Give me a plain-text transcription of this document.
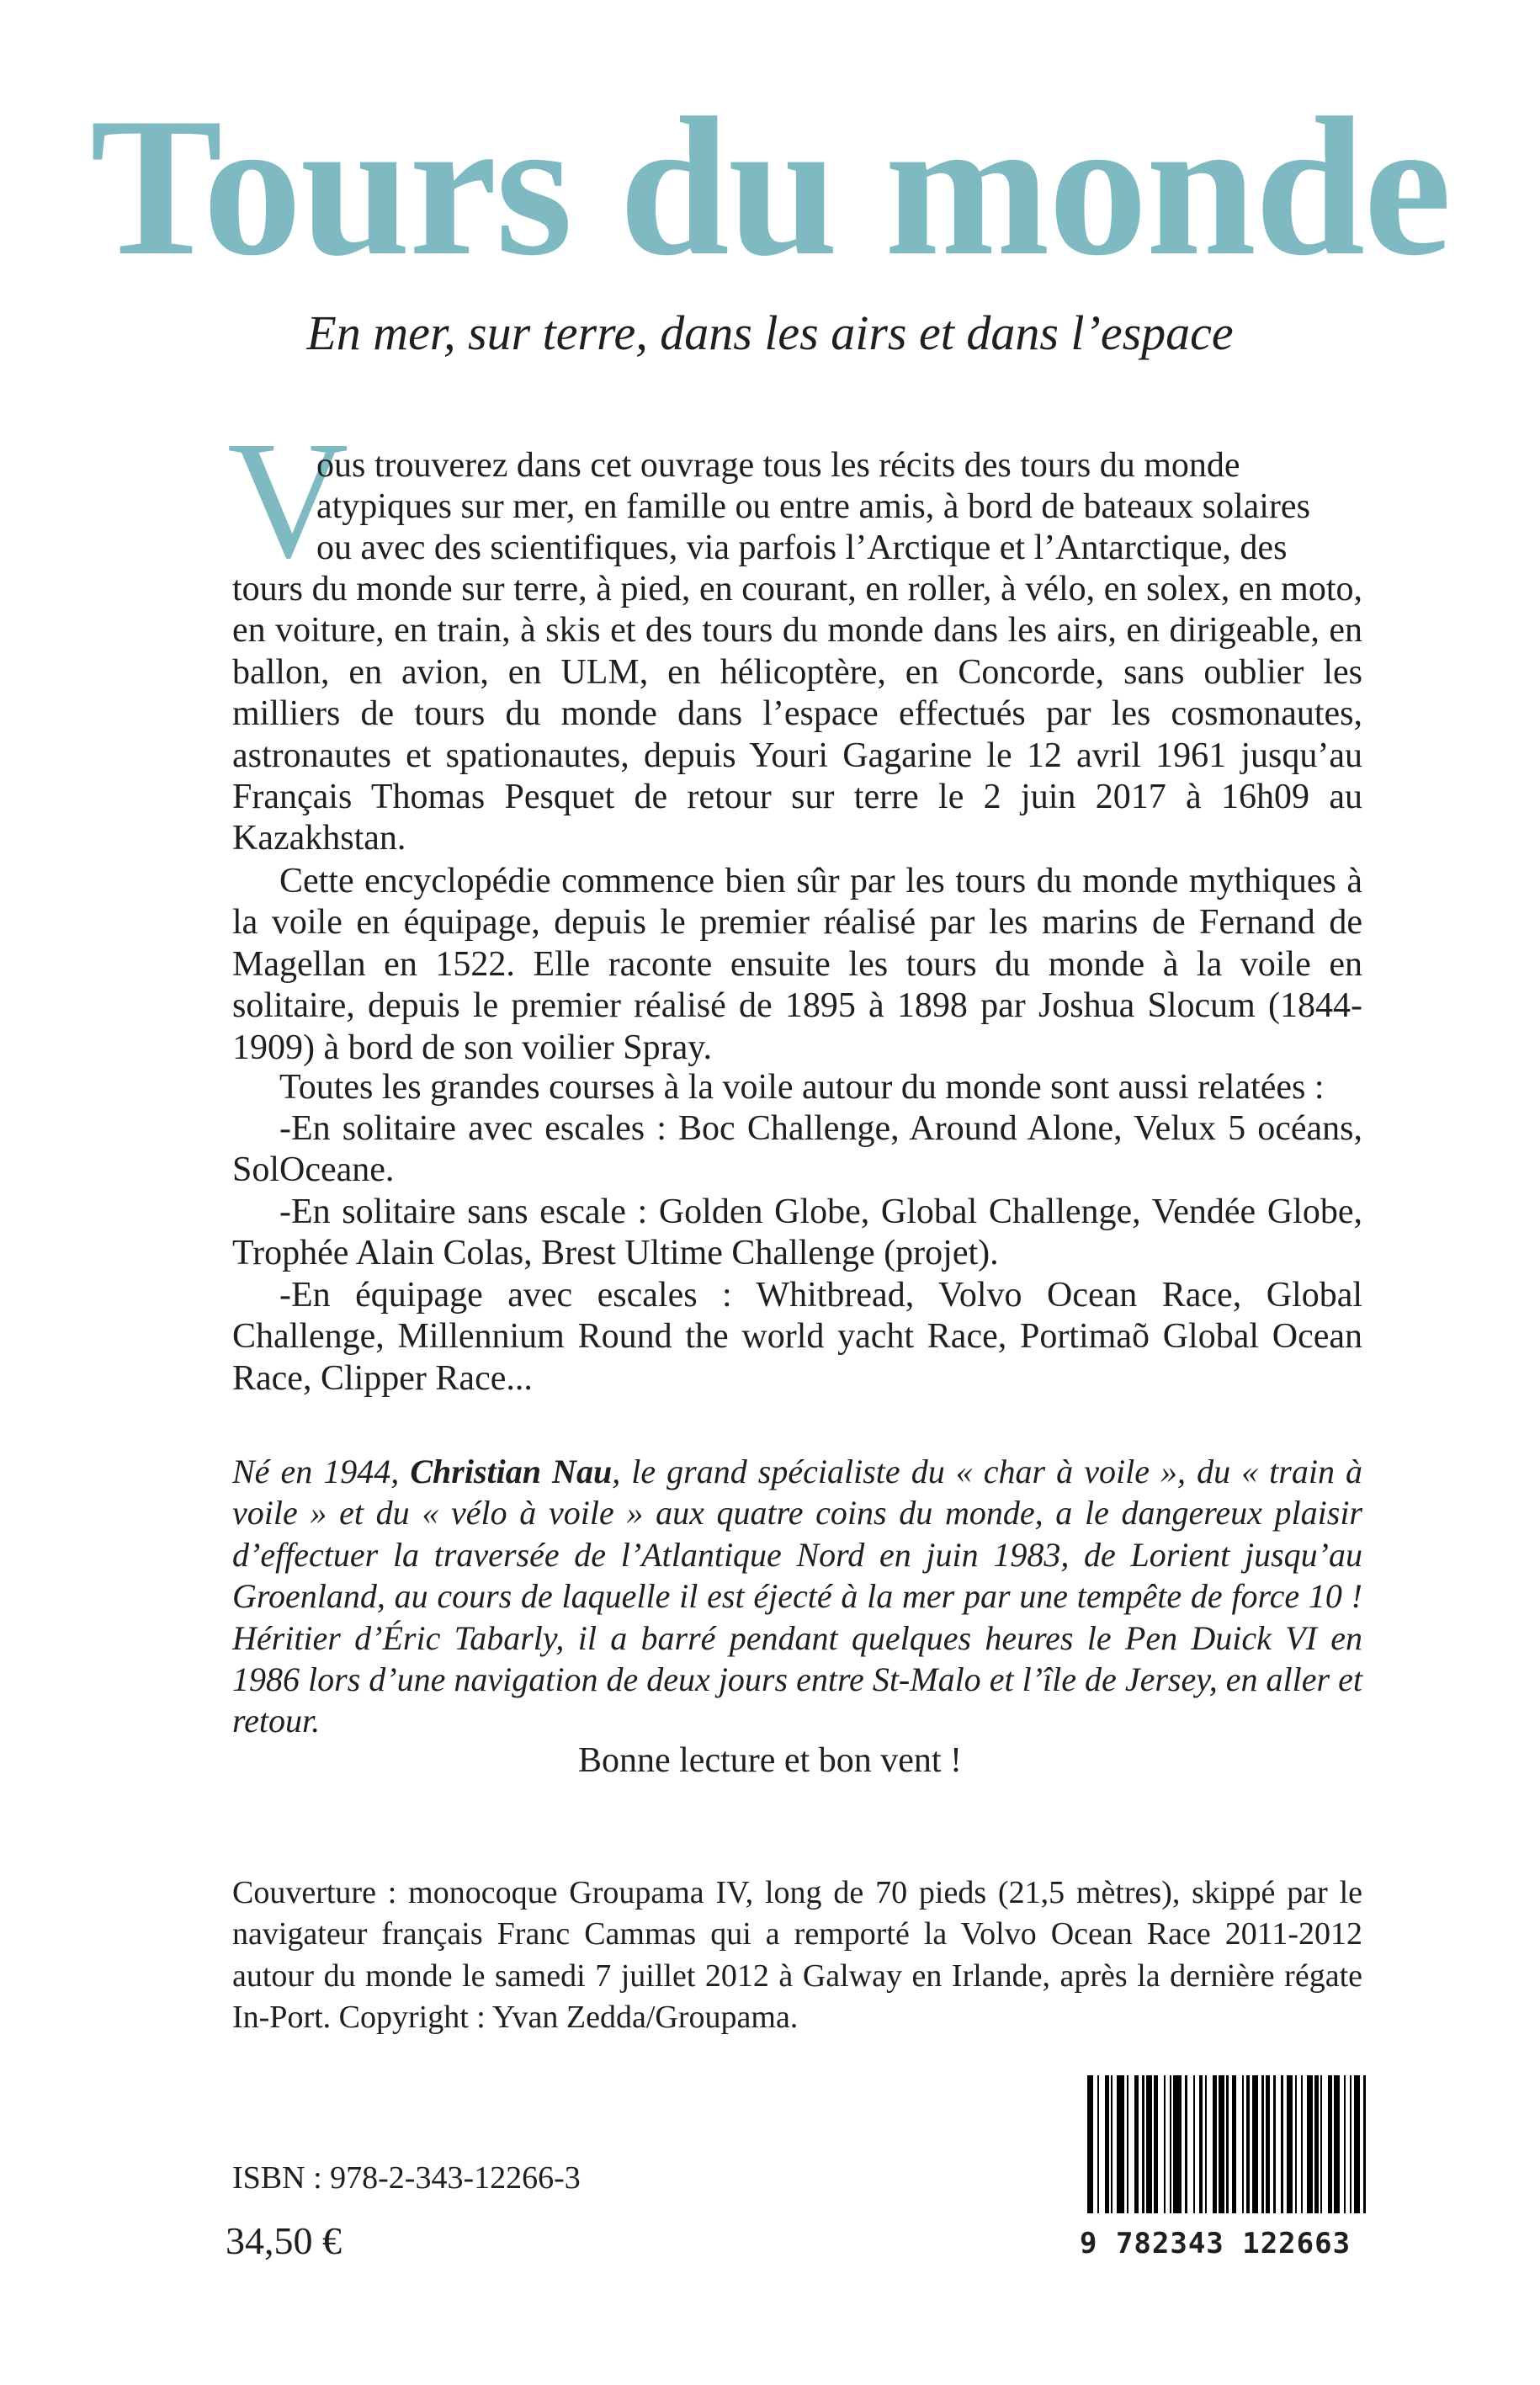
Tours du monde
En mer, sur terre, dans les airs et dans l’espace
V

ous trouverez dans cet ouvrage tous les récits des tours du monde

atypiques sur mer, en famille ou entre amis, à bord de bateaux solaires

ou avec des scientifiques, via parfois l’Arctique et l’Antarctique, des

tours du monde sur terre, à pied, en courant, en roller, à vélo, en solex, en moto, en voiture, en train, à skis et des tours du monde dans les airs, en dirigeable, en ballon, en avion, en ULM, en hélicoptère, en Concorde, sans oublier les milliers de tours du monde dans l’espace effectués par les cosmonautes, astronautes et spationautes, depuis Youri Gagarine le 12 avril 1961 jusqu’au Français Thomas Pesquet de retour sur terre le 2 juin 2017 à 16h09 au Kazakhstan.

Cette encyclopédie commence bien sûr par les tours du monde mythiques à la voile en équipage, depuis le premier réalisé par les marins de Fernand de Magellan en 1522. Elle raconte ensuite les tours du monde à la voile en solitaire, depuis le premier réalisé de 1895 à 1898 par Joshua Slocum (1844-1909) à bord de son voilier Spray.

Toutes les grandes courses à la voile autour du monde sont aussi relatées :

-En solitaire avec escales : Boc Challenge, Around Alone, Velux 5 océans, SolOceane.

-En solitaire sans escale : Golden Globe, Global Challenge, Vendée Globe, Trophée Alain Colas, Brest Ultime Challenge (projet).

-En équipage avec escales : Whitbread, Volvo Ocean Race, Global Challenge, Millennium Round the world yacht Race, Portimaõ Global Ocean Race, Clipper Race...

Né en 1944, Christian Nau, le grand spécialiste du « char à voile », du « train à voile » et du « vélo à voile » aux quatre coins du monde, a le dangereux plaisir d’effectuer la traversée de l’Atlantique Nord en juin 1983, de Lorient jusqu’au Groenland, au cours de laquelle il est éjecté à la mer par une tempête de force 10 ! Héritier d’Éric Tabarly, il a barré pendant quelques heures le Pen Duick VI en 1986 lors d’une navigation de deux jours entre St-Malo et l’île de Jersey, en aller et retour.

Bonne lecture et bon vent !

Couverture : monocoque Groupama IV, long de 70 pieds (21,5 mètres), skippé par le navigateur français Franc Cammas qui a remporté la Volvo Ocean Race 2011-2012 autour du monde le samedi 7 juillet 2012 à Galway en Irlande, après la dernière régate In-Port. Copyright : Yvan Zedda/Groupama.

ISBN : 978-2-343-12266-3

34,50 €	9 782343 122663
